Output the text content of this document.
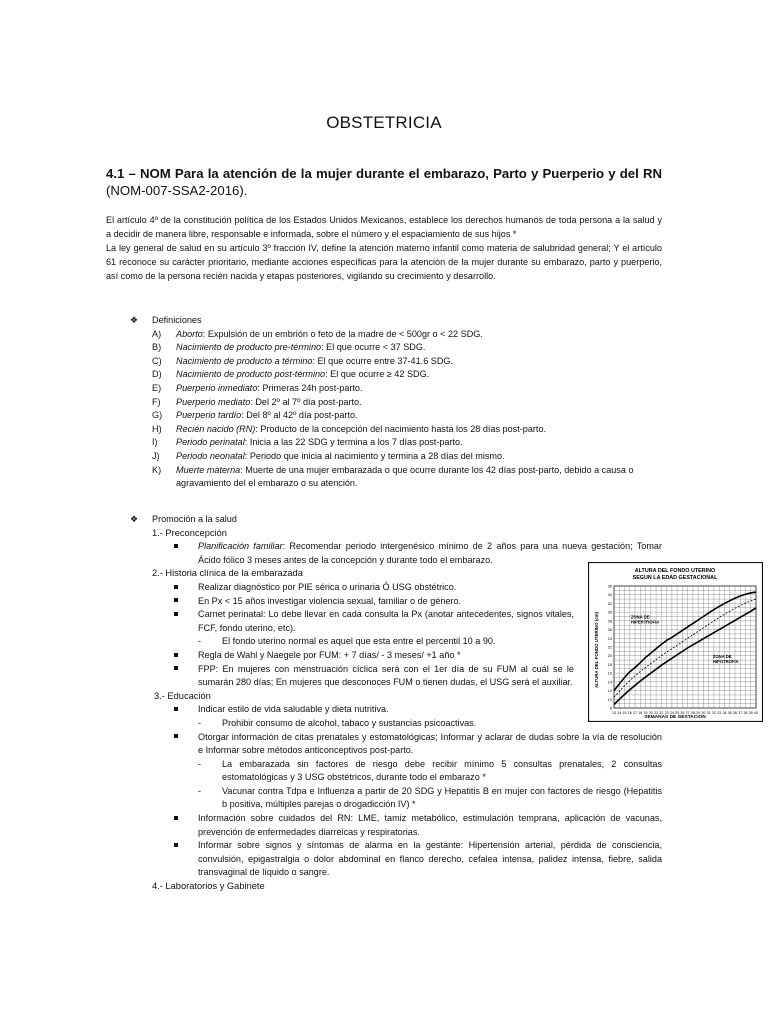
OBSTETRICIA
4.1 – NOM Para la atención de la mujer durante el embarazo, Parto y Puerperio y del RN (NOM-007-SSA2-2016).

El artículo 4º de la constitución política de los Estados Unidos Mexicanos, establece los derechos humanos de toda persona a la salud y a decidir de manera libre, responsable e informada, sobre el número y el espaciamiento de sus hijos *

La ley general de salud en su artículo 3º fracción IV, define la atención materno infantil como materia de salubridad general; Y el artículo 61 reconoce su carácter prioritario, mediante acciones específicas para la atención de la mujer durante su embarazo, parto y puerperio, así como de la persona recién nacida y etapas posteriores, vigilando su crecimiento y desarrollo.

❖ Definiciones
A) Aborto: Expulsión de un embrión o feto de la madre de < 500gr o < 22 SDG.
B) Nacimiento de producto pre-término: El que ocurre < 37 SDG.
C) Nacimiento de producto a término: El que ocurre entre 37-41.6 SDG.
D) Nacimiento de producto post-término: El que ocurre ≥ 42 SDG.
E) Puerperio inmediato: Primeras 24h post-parto.
F) Puerperio mediato: Del 2º al 7º día post-parto.
G) Puerperio tardío: Del 8º al 42º día post-parto.
H) Recién nacido (RN): Producto de la concepción del nacimiento hasta los 28 días post-parto.
I) Periodo perinatal: Inicia a las 22 SDG y termina a los 7 días post-parto.
J) Periodo neonatal: Periodo que inicia al nacimiento y termina a 28 días del mismo.
K)	Muerte materna: Muerte de una mujer embarazada o que ocurre durante los 42 días post-parto, debido a causa o agravamiento del el embarazo o su atención.
❖ Promoción a la salud
1.- Preconcepción
Planificación familiar: Recomendar periodo intergenésico mínimo de 2 años para una nueva gestación; Tomar Ácido fólico 3 meses antes de la concepción y durante todo el embarazo.
2.- Historia clínica de la embarazada
Realizar diagnóstico por PIE sérica o urinaria Ó USG obstétrico.
En Px < 15 años investigar violencia sexual, familiar o de género.
Carnet perinatal: Lo debe llevar en cada consulta la Px (anotar antecedentes, signos vitales, FCF, fondo uterino, etc).
- El fondo uterino normal es aquel que esta entre el percentil 10 a 90.
Regla de Wahl y Naegele por FUM: + 7 días/ - 3 meses/ +1 año *
FPP: En mujeres con menstruación cíclica será con el 1er día de su FUM al cuál se le sumarán 280 días; En mujeres que desconoces FUM o tienen dudas, el USG será el auxiliar.
3.- Educación
Indicar estilo de vida saludable y dieta nutritiva.
- Prohibir consumo de alcohol, tabaco y sustancias psicoactivas.
Otorgar información de citas prenatales y estomatológicas; Informar y aclarar de dudas sobre la vía de resolución e Informar sobre métodos anticonceptivos post-parto.
- La embarazada sin factores de riesgo debe recibir mínimo 5 consultas prenatales, 2 consultas estomatológicas y 3 USG obstétricos, durante todo el embarazo *
- Vacunar contra Tdpa e Influenza a partir de 20 SDG y Hepatitis B en mujer con factores de riesgo (Hepatitis b positiva, múltiples parejas o drogadicción IV) *
Información sobre cuidados del RN: LME, tamiz metabólico, estimulación temprana, aplicación de vacunas, prevención de enfermedades diarreicas y respiratorias.
Informar sobre signos y síntomas de alarma en la gestante: Hipertensión arterial, pérdida de consciencia, convulsión, epigastralgia o dolor abdominal en flanco derecho, cefalea intensa, palidez intensa, fiebre, salida transvaginal de líquido o sangre.
4.- Laboratorios y Gabinete
ALTURA DEL FONDO UTERINO
SEGUN LA EDAD GESTACIONAL
8
10
12
14
16
18
20
22
24
26
28
30
32
34
36
13 14 15 16 17 18 19 20 21 22 23 24 25 26 27 28 29 30 31 32 33 34 35 36 37 38 39 40
ZONA DE HIPERTROFIA
ZONA DE HIPOTROFIA
SEMANAS DE GESTACION
ALTURA DEL FONDO UTERINO (cm)
